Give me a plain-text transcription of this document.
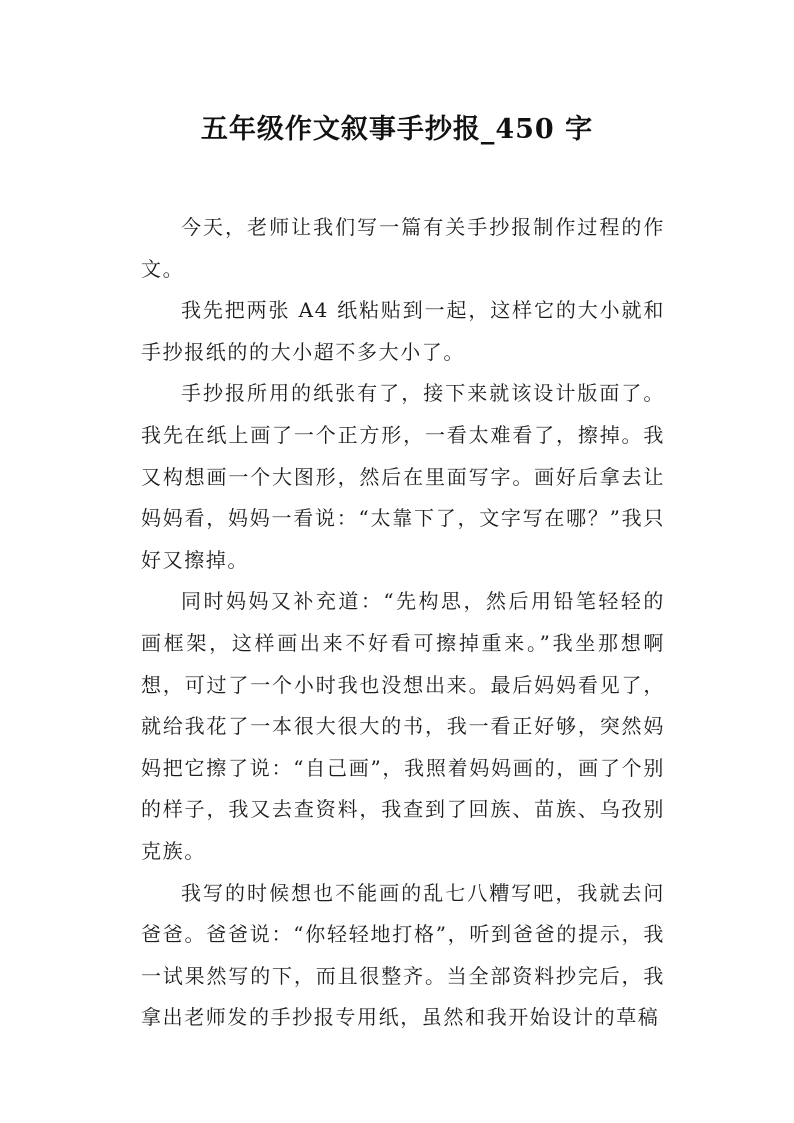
五年级作文叙事手抄报_450 字

今天，老师让我们写一篇有关手抄报制作过程的作文。

我先把两张 A4 纸粘贴到一起，这样它的大小就和手抄报纸的的大小超不多大小了。

手抄报所用的纸张有了，接下来就该设计版面了。我先在纸上画了一个正方形，一看太难看了，擦掉。我又构想画一个大图形，然后在里面写字。画好后拿去让妈妈看，妈妈一看说：“太靠下了，文字写在哪？”我只好又擦掉。

同时妈妈又补充道：“先构思，然后用铅笔轻轻的画框架，这样画出来不好看可擦掉重来。”我坐那想啊想，可过了一个小时我也没想出来。最后妈妈看见了，就给我花了一本很大很大的书，我一看正好够，突然妈妈把它擦了说：“自己画”，我照着妈妈画的，画了个别的样子，我又去查资料，我查到了回族、苗族、乌孜别克族。

我写的时候想也不能画的乱七八糟写吧，我就去问爸爸。爸爸说：“你轻轻地打格”，听到爸爸的提示，我一试果然写的下，而且很整齐。当全部资料抄完后，我拿出老师发的手抄报专用纸，虽然和我开始设计的草稿
